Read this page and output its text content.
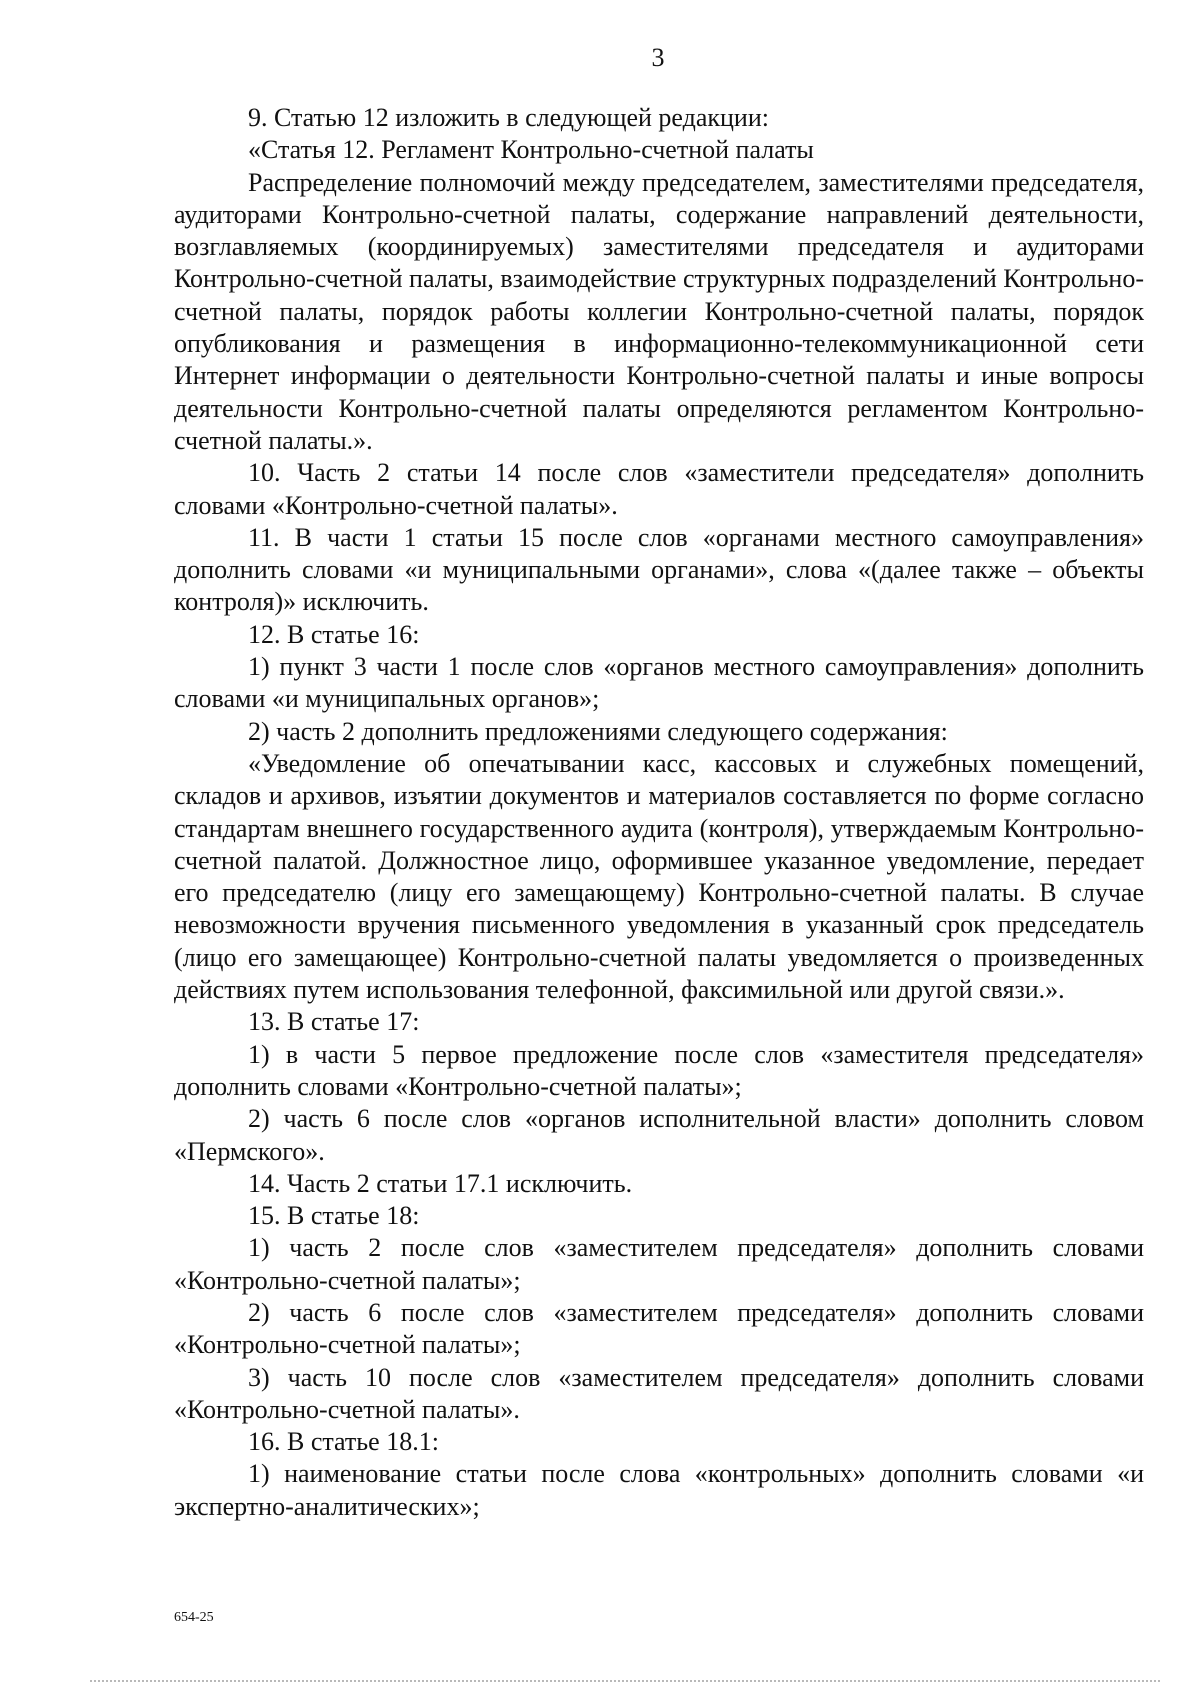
3

9. Статью 12 изложить в следующей редакции:

«Статья 12. Регламент Контрольно-счетной палаты

Распределение полномочий между председателем, заместителями председателя, аудиторами Контрольно-счетной палаты, содержание направлений деятельности, возглавляемых (координируемых) заместителями председателя и аудиторами Контрольно-счетной палаты, взаимодействие структурных подразделений Контрольно-счетной палаты, порядок работы коллегии Контрольно-счетной палаты, порядок опубликования и размещения в информационно-телекоммуникационной сети Интернет информации о деятельности Контрольно-счетной палаты и иные вопросы деятельности Контрольно-счетной палаты определяются регламентом Контрольно-счетной палаты.».

10. Часть 2 статьи 14 после слов «заместители председателя» дополнить словами «Контрольно-счетной палаты».

11. В части 1 статьи 15 после слов «органами местного самоуправления» дополнить словами «и муниципальными органами», слова «(далее также – объекты контроля)» исключить.

12. В статье 16:

1) пункт 3 части 1 после слов «органов местного самоуправления» дополнить словами «и муниципальных органов»;

2) часть 2 дополнить предложениями следующего содержания:

«Уведомление об опечатывании касс, кассовых и служебных помещений, складов и архивов, изъятии документов и материалов составляется по форме согласно стандартам внешнего государственного аудита (контроля), утверждаемым Контрольно-счетной палатой. Должностное лицо, оформившее указанное уведомление, передает его председателю (лицу его замещающему) Контрольно-счетной палаты. В случае невозможности вручения письменного уведомления в указанный срок председатель (лицо его замещающее) Контрольно-счетной палаты уведомляется о произведенных действиях путем использования телефонной, факсимильной или другой связи.».

13. В статье 17:

1) в части 5 первое предложение после слов «заместителя председателя» дополнить словами «Контрольно-счетной палаты»;

2) часть 6 после слов «органов исполнительной власти» дополнить словом «Пермского».

14. Часть 2 статьи 17.1 исключить.

15. В статье 18:

1) часть 2 после слов «заместителем председателя» дополнить словами «Контрольно-счетной палаты»;

2) часть 6 после слов «заместителем председателя» дополнить словами «Контрольно-счетной палаты»;

3) часть 10 после слов «заместителем председателя» дополнить словами «Контрольно-счетной палаты».

16. В статье 18.1:

1) наименование статьи после слова «контрольных» дополнить словами «и экспертно-аналитических»;

654-25
